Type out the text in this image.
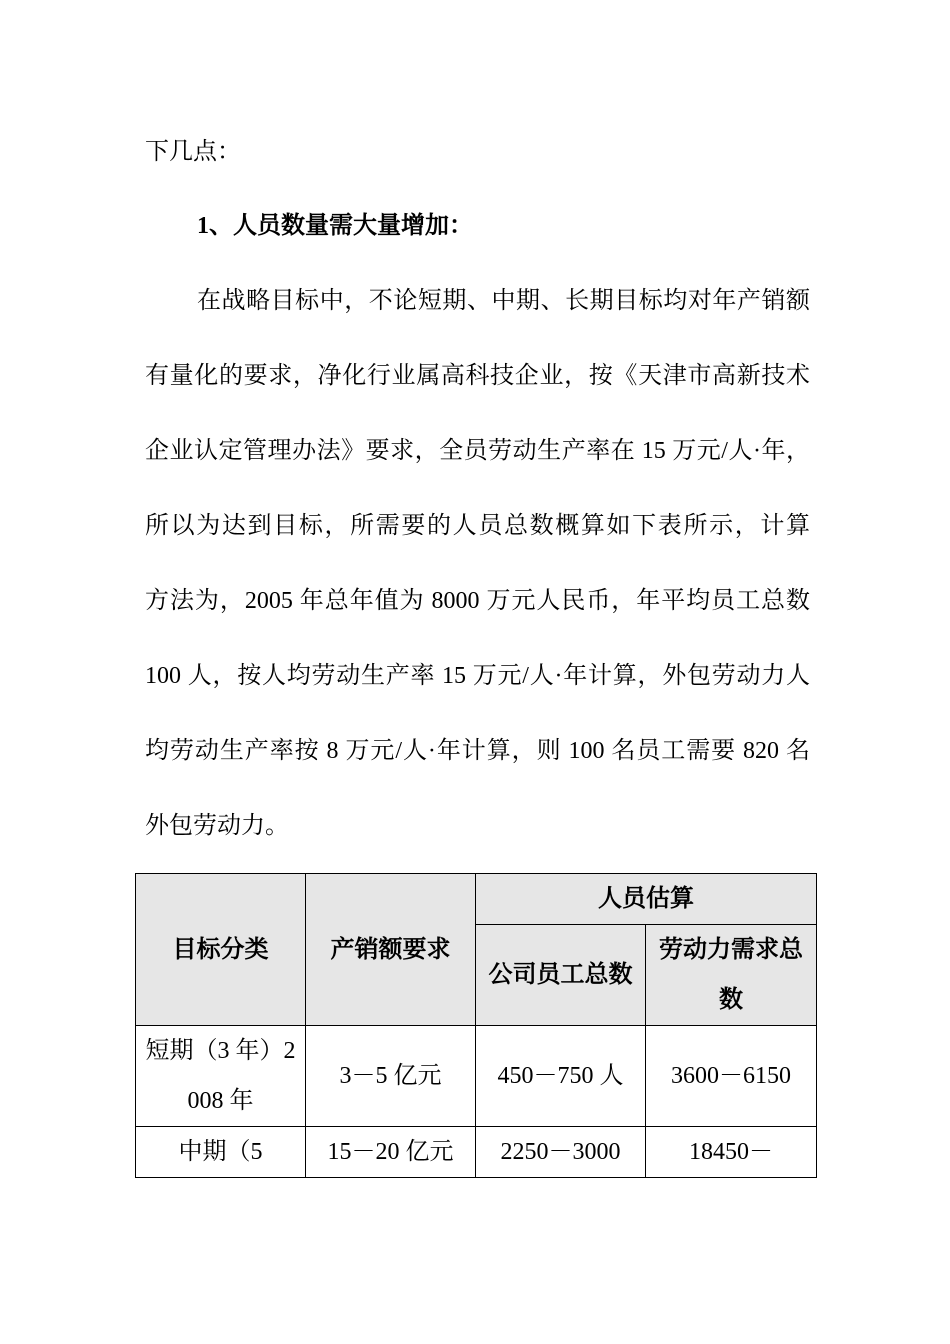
下几点：
1、人员数量需大量增加：
在战略目标中，不论短期、中期、长期目标均对年产销额
有量化的要求，净化行业属高科技企业，按《天津市高新技术
企业认定管理办法》要求，全员劳动生产率在 15 万元/人·年，
所以为达到目标，所需要的人员总数概算如下表所示，计算
方法为，2005 年总年值为 8000 万元人民币，年平均员工总数
100 人，按人均劳动生产率 15 万元/人·年计算，外包劳动力人
均劳动生产率按 8 万元/人·年计算，则 100 名员工需要 820 名
外包劳动力。
目标分类	产销额要求	人员估算	
		公司员工总数	劳动力需求总数
短期（3 年）2008 年	3－5 亿元	450－750 人	3600－6150
中期（5	15－20 亿元	2250－3000	18450－
